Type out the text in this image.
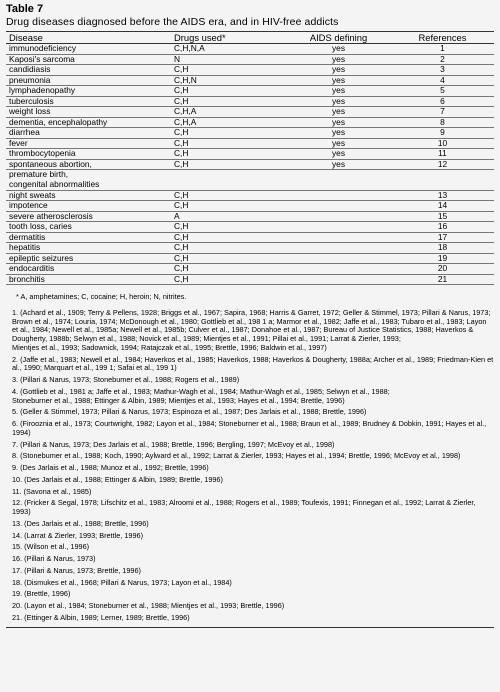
Table 7
Drug diseases diagnosed before the AIDS era, and in HIV-free addicts
Disease	Drugs used*	AIDS defining	References
immunodeficiency	C,H,N,A	yes	1
Kaposi's sarcoma	N	yes	2
candidiasis	C,H	yes	3
pneumonia	C,H,N	yes	4
lymphadenopathy	C,H	yes	5
tuberculosis	C,H	yes	6
weight loss	C,H,A	yes	7
dementia, encephalopathy	C,H,A	yes	8
diarrhea	C,H	yes	9
fever	C,H	yes	10
thrombocytopenia	C,H	yes	11
spontaneous abortion,	C,H	yes	12
premature birth,
congenital abnormalities			
night sweats	C,H		13
impotence	C,H		14
severe atherosclerosis	A		15
tooth loss, caries	C,H		16
dermatitis	C,H		17
hepatitis	C,H		18
epileptic seizures	C,H		19
endocarditis	C,H		20
bronchitis	C,H		21
* A, amphetamines; C, cocaine; H, heroin; N, nitrites.
1. (Achard et al., 1909; Terry & Pellens, 1928; Briggs et al., 1967; Sapira, 1968; Harris & Garret, 1972; Geller & Stimmel, 1973; Pillari & Narus, 1973; Brown et al., 1974; Louria, 1974; McDonough et al., 1980; Gottlieb et al., 198 1 a; Marmor et al., 1982; Jaffe et al., 1983; Tubaro et al., 1983; Layon et al., 1984; Newell et al., 1985a; Newell et al., 1985b; Culver et al., 1987; Donahoe et al., 1987; Bureau of Justice Statistics, 1988; Haverkos & Dougherty, 1988b; Selwyn et al., 1988; Novick et al., 1989; Mientjes et al., 1991; Pillai et al., 1991; Larrat & Zierler, 1993;
Mientjes et al., 1993; Sadownick, 1994; Ratajczak et al., 1995; Brettle, 1996; Baldwin et al., 1997)
2. (Jaffe et al., 1983; Newell et al., 1984; Haverkos et al., 1985; Haverkos, 1988; Haverkos & Dougherty, 1988a; Archer et al., 1989; Friedman-Kien et al., 1990; Marquart et al., 199 1; Safai et al., 199 1)
3. (Pillari & Narus, 1973; Stonebumer et al., 1988; Rogers et al., 1989)
4. (Gottlieb et al., 1981 a; Jaffe et al., 1983; Mathur-Wagh et al., 1984; Mathur-Wagh et al., 1985; Selwyn et al., 1988;
Stoneburner et al., 1988; Ettinger & Albin, 1989; Mientjes et al., 1993; Hayes et al., 1994; Brettle, 1996)
5. (Geller & Stimmel, 1973; Pillari & Narus, 1973; Espinoza et al., 1987; Des Jarlais et al., 1988; Brettle, 1996)
6. (Firooznia et al., 1973; Courtwright, 1982; Layon et al., 1984; Stoneburner et al., 1988; Braun et al., 1989; Brudney & Dobkin, 1991; Hayes et al., 1994)
7. (Pillari & Narus, 1973; Des Jarlais et al., 1988; Brettle, 1996; Bergling, 1997; McEvoy et al., 1998)
8. (Stonebumer et al., 1988; Koch, 1990; Aylward et al., 1992; Larrat & Zierler, 1993; Hayes et al., 1994; Brettle, 1996; McEvoy et al., 1998)
9. (Des Jarlais et al., 1988; Munoz et al., 1992; Brettle, 1996)
10. (Des Jarlais et al., 1988; Ettinger & Albin, 1989; Brettle, 1996)
11. (Savona et al., 1985)
12. (Fricker & Segal, 1978; Lifschitz et al., 1983; Alroomi et al., 1988; Rogers et al., 1989; Toufexis, 1991; Finnegan et al., 1992; Larrat & Zierler, 1993)
13. (Des Jarlais et al., 1988; Brettle, 1996)
14. (Larrat & Zierler, 1993; Brettle, 1996)
15. (Wilson et al., 1996)
16. (Pillari & Narus, 1973)
17. (Pillari & Narus, 1973; Brettle, 1996)
18. (Dismukes et al., 1968; Pillari & Narus, 1973; Layon et al., 1984)
19. (Brettle, 1996)
20. (Layon et al., 1984; Stoneburner et al., 1988; Mientjes et al., 1993; Brettle, 1996)
21. (Ettinger & Albin, 1989; Lerner, 1989; Brettle, 1996)
